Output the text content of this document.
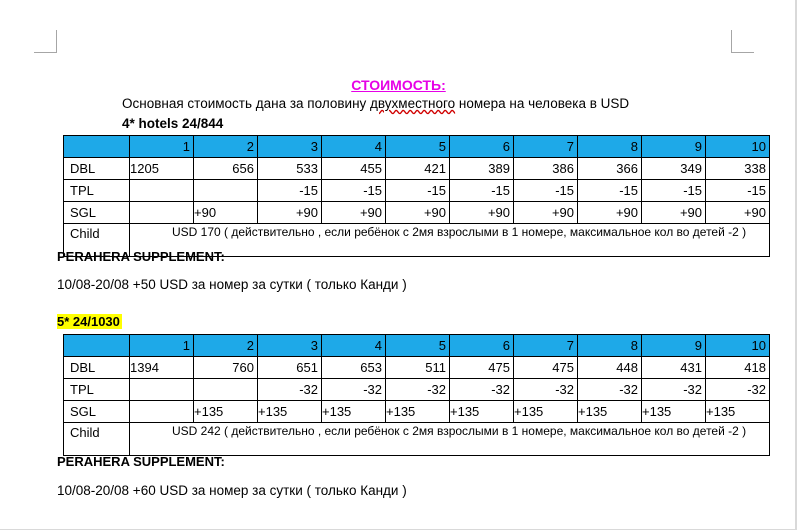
СТОИМОСТЬ:
Основная стоимость дана за половину двухместного номера на человека в USD
4* hotels 24/844
	1	2	3	4	5	6	7	8	9	10
DBL	1205	656	533	455	421	389	386	366	349	338
TPL			-15	-15	-15	-15	-15	-15	-15	-15
SGL		+90	+90	+90	+90	+90	+90	+90	+90	+90
Child	USD 170 ( действительно , если ребёнок с 2мя взрослыми в 1 номере, максимальное кол во детей -2 )									
PERAHERA SUPPLEMENT:
10/08-20/08 +50 USD за номер за сутки ( только Канди )
5* 24/1030
	1	2	3	4	5	6	7	8	9	10
DBL	1394	760	651	653	511	475	475	448	431	418
TPL			-32	-32	-32	-32	-32	-32	-32	-32
SGL		+135	+135	+135	+135	+135	+135	+135	+135	+135
Child	USD 242 ( действительно , если ребёнок с 2мя взрослыми в 1 номере, максимальное кол во детей -2 )									
PERAHERA SUPPLEMENT:
10/08-20/08 +60 USD за номер за сутки ( только Канди )
